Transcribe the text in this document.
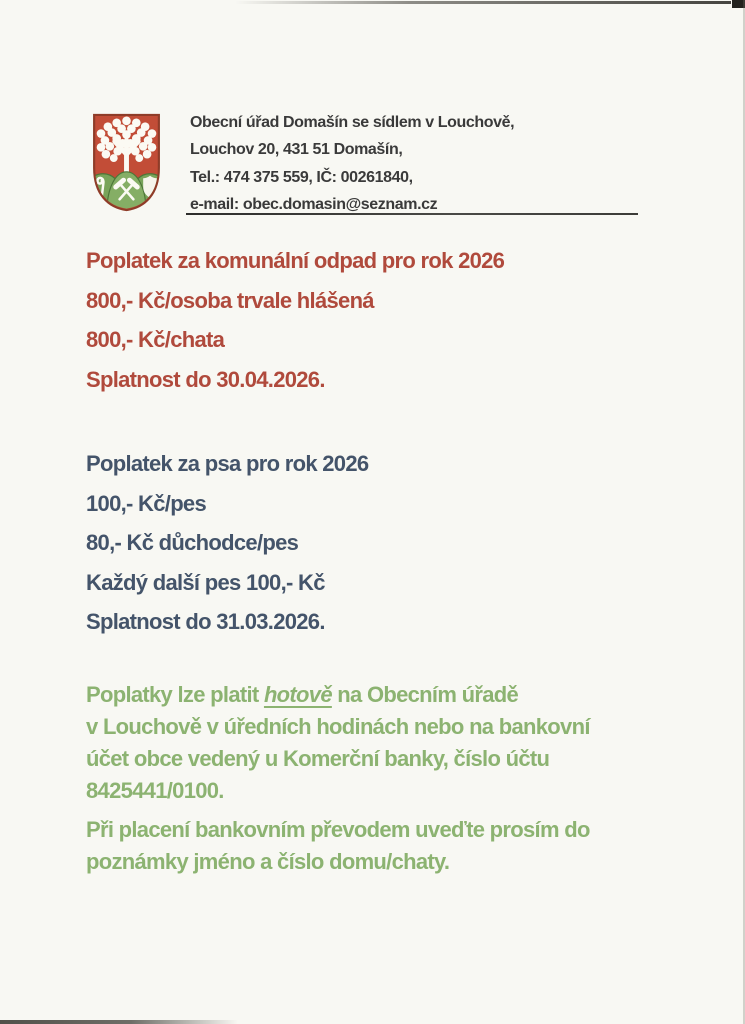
Obecní úřad Domašín se sídlem v Louchově,
Louchov 20, 431 51 Domašín,
Tel.: 474 375 559, IČ: 00261840,
e-mail: obec.domasin@seznam.cz
Poplatek za komunální odpad pro rok 2026
800,- Kč/osoba trvale hlášená
800,- Kč/chata
Splatnost do 30.04.2026.
Poplatek za psa pro rok 2026
100,- Kč/pes
80,- Kč důchodce/pes
Každý další pes 100,- Kč
Splatnost do 31.03.2026.
Poplatky lze platit hotově na Obecním úřadě
v Louchově v úředních hodinách nebo na bankovní
účet obce vedený u Komerční banky, číslo účtu
8425441/0100.
Při placení bankovním převodem uveďte prosím do
poznámky jméno a číslo domu/chaty.
